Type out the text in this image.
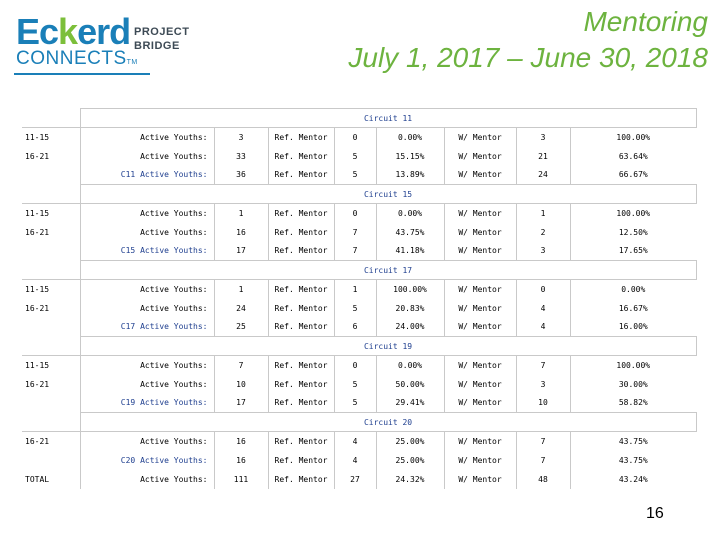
Eckerd
CONNECTSTM
PROJECT
BRIDGE
Mentoring
July 1, 2017 – June 30, 2018
	Circuit 11							
11-15	Active Youths:	3	Ref. Mentor	0	0.00%	W/ Mentor	3	100.00%
16-21	Active Youths:	33	Ref. Mentor	5	15.15%	W/ Mentor	21	63.64%
	C11 Active Youths:	36	Ref. Mentor	5	13.89%	W/ Mentor	24	66.67%
	Circuit 15							
11-15	Active Youths:	1	Ref. Mentor	0	0.00%	W/ Mentor	1	100.00%
16-21	Active Youths:	16	Ref. Mentor	7	43.75%	W/ Mentor	2	12.50%
	C15 Active Youths:	17	Ref. Mentor	7	41.18%	W/ Mentor	3	17.65%
	Circuit 17							
11-15	Active Youths:	1	Ref. Mentor	1	100.00%	W/ Mentor	0	0.00%
16-21	Active Youths:	24	Ref. Mentor	5	20.83%	W/ Mentor	4	16.67%
	C17 Active Youths:	25	Ref. Mentor	6	24.00%	W/ Mentor	4	16.00%
	Circuit 19							
11-15	Active Youths:	7	Ref. Mentor	0	0.00%	W/ Mentor	7	100.00%
16-21	Active Youths:	10	Ref. Mentor	5	50.00%	W/ Mentor	3	30.00%
	C19 Active Youths:	17	Ref. Mentor	5	29.41%	W/ Mentor	10	58.82%
	Circuit 20							
16-21	Active Youths:	16	Ref. Mentor	4	25.00%	W/ Mentor	7	43.75%
	C20 Active Youths:	16	Ref. Mentor	4	25.00%	W/ Mentor	7	43.75%
TOTAL	Active Youths:	111	Ref. Mentor	27	24.32%	W/ Mentor	48	43.24%
16
